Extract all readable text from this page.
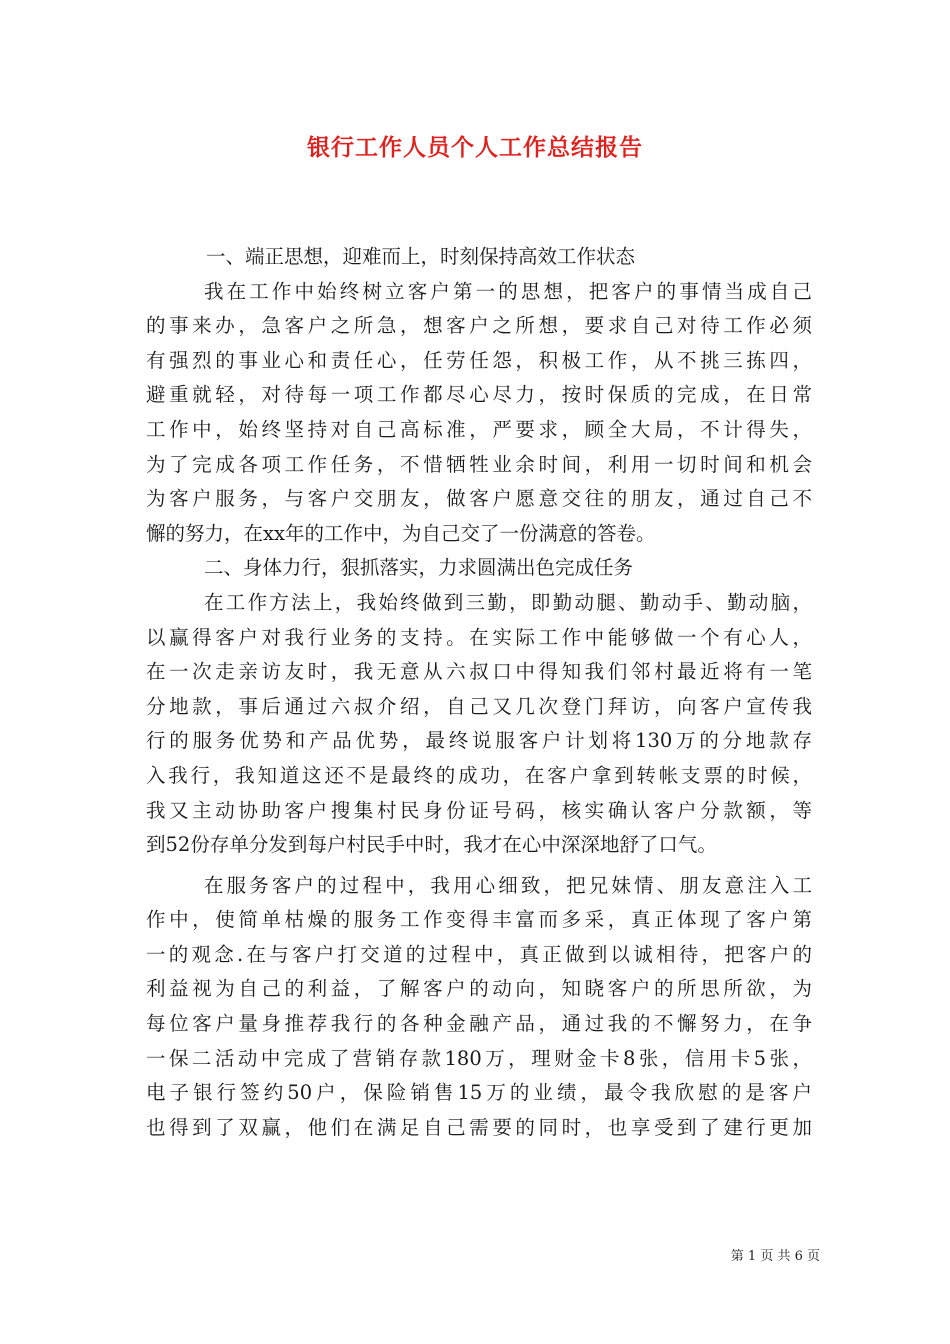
银行工作人员个人工作总结报告
一、端正思想，迎难而上，时刻保持高效工作状态
我在工作中始终树立客户第一的思想，把客户的事情当成自己
的事来办，急客户之所急，想客户之所想，要求自己对待工作必须
有强烈的事业心和责任心，任劳任怨，积极工作，从不挑三拣四，
避重就轻，对待每一项工作都尽心尽力，按时保质的完成，在日常
工作中，始终坚持对自己高标准，严要求，顾全大局，不计得失，
为了完成各项工作任务，不惜牺牲业余时间，利用一切时间和机会
为客户服务，与客户交朋友，做客户愿意交往的朋友，通过自己不
懈的努力，在xx年的工作中，为自己交了一份满意的答卷。
二、身体力行，狠抓落实，力求圆满出色完成任务
在工作方法上，我始终做到三勤，即勤动腿、勤动手、勤动脑，
以赢得客户对我行业务的支持。在实际工作中能够做一个有心人，
在一次走亲访友时，我无意从六叔口中得知我们邻村最近将有一笔
分地款，事后通过六叔介绍，自己又几次登门拜访，向客户宣传我
行的服务优势和产品优势，最终说服客户计划将130万的分地款存
入我行，我知道这还不是最终的成功，在客户拿到转帐支票的时候，
我又主动协助客户搜集村民身份证号码，核实确认客户分款额，等
到52份存单分发到每户村民手中时，我才在心中深深地舒了口气。
在服务客户的过程中，我用心细致，把兄妹情、朋友意注入工
作中，使简单枯燥的服务工作变得丰富而多采，真正体现了客户第
一的观念.在与客户打交道的过程中，真正做到以诚相待，把客户的
利益视为自己的利益，了解客户的动向，知晓客户的所思所欲，为
每位客户量身推荐我行的各种金融产品，通过我的不懈努力，在争
一保二活动中完成了营销存款180万，理财金卡8张，信用卡5张，
电子银行签约50户，保险销售15万的业绩，最令我欣慰的是客户
也得到了双赢，他们在满足自己需要的同时，也享受到了建行更加
第 1 页 共 6 页
